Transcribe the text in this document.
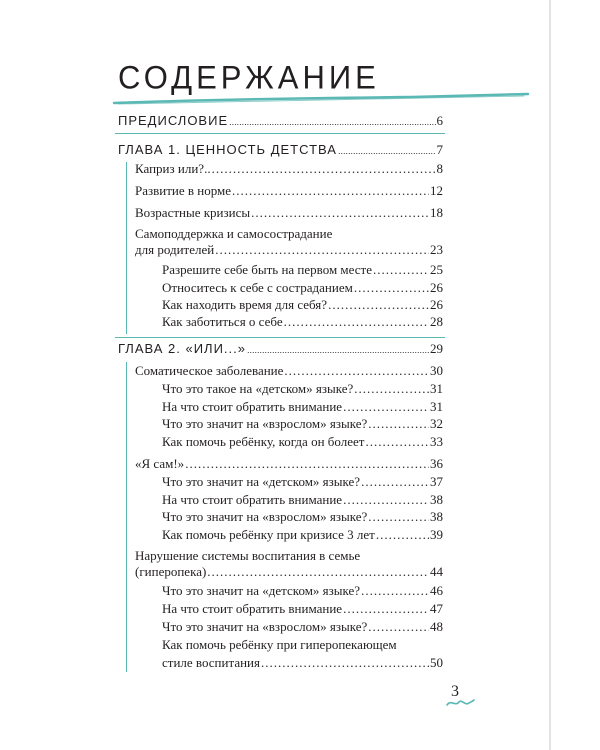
СОДЕРЖАНИЕ
ПРЕДИСЛОВИЕ .....	6
ГЛАВА 1. ЦЕННОСТЬ ДЕТСТВА .....	7
Каприз или?.. .....	8
Развитие в норме .....	12
Возрастные кризисы .....	18
Самоподдержка и самосострадание
для родителей .....	23
Разрешите себе быть на первом месте .....	25
Относитесь к себе с состраданием .....	26
Как находить время для себя? .....	26
Как заботиться о себе .....	28
ГЛАВА 2. «ИЛИ...» .....	29
Соматическое заболевание .....	30
Что это такое на «детском» языке? .....	31
На что стоит обратить внимание .....	31
Что это значит на «взрослом» языке? .....	32
Как помочь ребёнку, когда он болеет .....	33
«Я сам!» .....	36
Что это значит на «детском» языке? .....	37
На что стоит обратить внимание .....	38
Что это значит на «взрослом» языке? .....	38
Как помочь ребёнку при кризисе 3 лет .....	39
Нарушение системы воспитания в семье
(гиперопека) .....	44
Что это значит на «детском» языке? .....	46
На что стоит обратить внимание .....	47
Что это значит на «взрослом» языке? .....	48
Как помочь ребёнку при гиперопекающем
стиле воспитания .....	50
3
